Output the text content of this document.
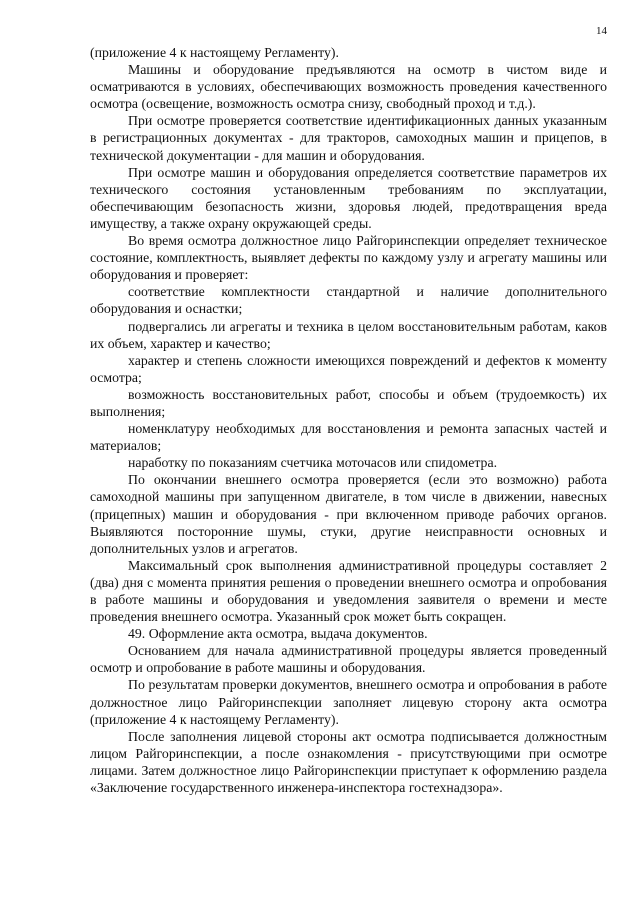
14

(приложение 4 к настоящему Регламенту).

Машины и оборудование предъявляются на осмотр в чистом виде и осматриваются в условиях, обеспечивающих возможность проведения качественного осмотра (освещение, возможность осмотра снизу, свободный проход и т.д.).

При осмотре проверяется соответствие идентификационных данных указанным в регистрационных документах - для тракторов, самоходных машин и прицепов, в технической документации - для машин и оборудования.

При осмотре машин и оборудования определяется соответствие параметров их технического состояния установленным требованиям по эксплуатации, обеспечивающим безопасность жизни, здоровья людей, предотвращения вреда имуществу, а также охрану окружающей среды.

Во время осмотра должностное лицо Райгоринспекции определяет техническое состояние, комплектность, выявляет дефекты по каждому узлу и агрегату машины или оборудования и проверяет:

соответствие комплектности стандартной и наличие дополнительного оборудования и оснастки;

подвергались ли агрегаты и техника в целом восстановительным работам, каков их объем, характер и качество;

характер и степень сложности имеющихся повреждений и дефектов к моменту осмотра;

возможность восстановительных работ, способы и объем (трудоемкость) их выполнения;

номенклатуру необходимых для восстановления и ремонта запасных частей и материалов;

наработку по показаниям счетчика моточасов или спидометра.

По окончании внешнего осмотра проверяется (если это возможно) работа самоходной машины при запущенном двигателе, в том числе в движении, навесных (прицепных) машин и оборудования - при включенном приводе рабочих органов. Выявляются посторонние шумы, стуки, другие неисправности основных и дополнительных узлов и агрегатов.

Максимальный срок выполнения административной процедуры составляет 2 (два) дня с момента принятия решения о проведении внешнего осмотра и опробования в работе машины и оборудования и уведомления заявителя о времени и месте проведения внешнего осмотра. Указанный срок может быть сокращен.

49. Оформление акта осмотра, выдача документов.

Основанием для начала административной процедуры является проведенный осмотр и опробование в работе машины и оборудования.

По результатам проверки документов, внешнего осмотра и опробования в работе должностное лицо Райгоринспекции заполняет лицевую сторону акта осмотра (приложение 4 к настоящему Регламенту).

После заполнения лицевой стороны акт осмотра подписывается должностным лицом Райгоринспекции, а после ознакомления - присутствующими при осмотре лицами. Затем должностное лицо Райгоринспекции приступает к оформлению раздела «Заключение государственного инженера-инспектора гостехнадзора».
